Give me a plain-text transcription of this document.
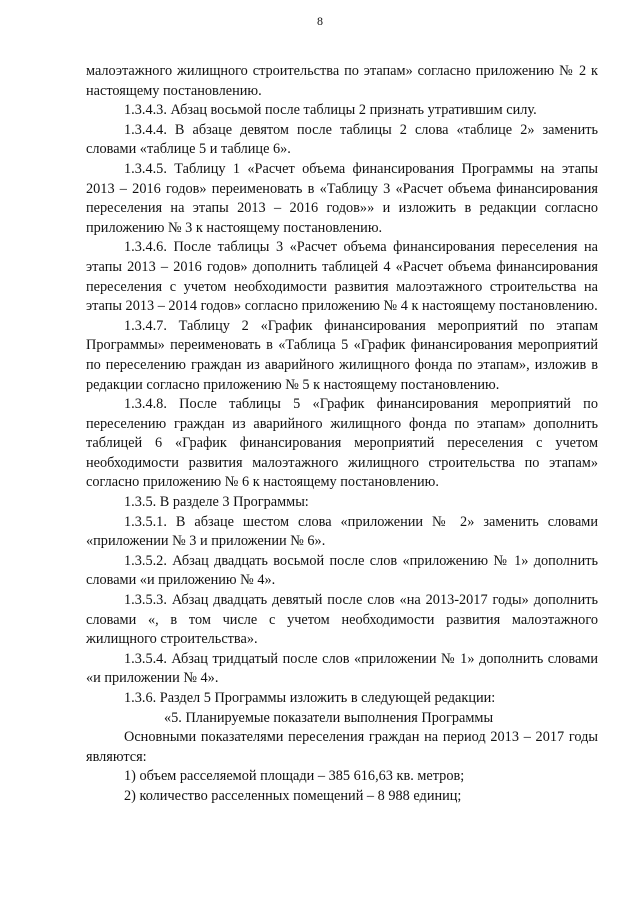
8

малоэтажного жилищного строительства по этапам» согласно приложению № 2 к настоящему постановлению.

1.3.4.3. Абзац восьмой после таблицы 2 признать утратившим силу.

1.3.4.4. В абзаце девятом после таблицы 2 слова «таблице 2» заменить словами «таблице 5 и таблице 6».

1.3.4.5. Таблицу 1 «Расчет объема финансирования Программы на этапы 2013 – 2016 годов» переименовать в «Таблицу 3 «Расчет объема финансирования переселения на этапы 2013 – 2016 годов»» и изложить в редакции согласно приложению № 3 к настоящему постановлению.

1.3.4.6. После таблицы 3 «Расчет объема финансирования переселения на этапы 2013 – 2016 годов» дополнить таблицей 4 «Расчет объема финансирования переселения с учетом необходимости развития малоэтажного строительства на этапы 2013 – 2014 годов» согласно приложению № 4 к настоящему постановлению.

1.3.4.7. Таблицу 2 «График финансирования мероприятий по этапам Программы» переименовать в «Таблица 5 «График финансирования мероприятий по переселению граждан из аварийного жилищного фонда по этапам», изложив в редакции согласно приложению № 5 к настоящему постановлению.

1.3.4.8. После таблицы 5 «График финансирования мероприятий по переселению граждан из аварийного жилищного фонда по этапам» дополнить таблицей 6 «График финансирования мероприятий переселения с учетом необходимости развития малоэтажного жилищного строительства по этапам» согласно приложению № 6 к настоящему постановлению.

1.3.5. В разделе 3 Программы:

1.3.5.1. В абзаце шестом слова «приложении № 2» заменить словами «приложении № 3 и приложении № 6».

1.3.5.2. Абзац двадцать восьмой после слов «приложению № 1» дополнить словами «и приложению № 4».

1.3.5.3. Абзац двадцать девятый после слов «на 2013-2017 годы» дополнить словами «, в том числе с учетом необходимости развития малоэтажного жилищного строительства».

1.3.5.4. Абзац тридцатый после слов «приложении № 1» дополнить словами «и приложении № 4».

1.3.6. Раздел 5 Программы изложить в следующей редакции:

«5. Планируемые показатели выполнения Программы

Основными показателями переселения граждан на период 2013 – 2017 годы являются:

1) объем расселяемой площади – 385 616,63 кв. метров;

2) количество расселенных помещений – 8 988 единиц;
